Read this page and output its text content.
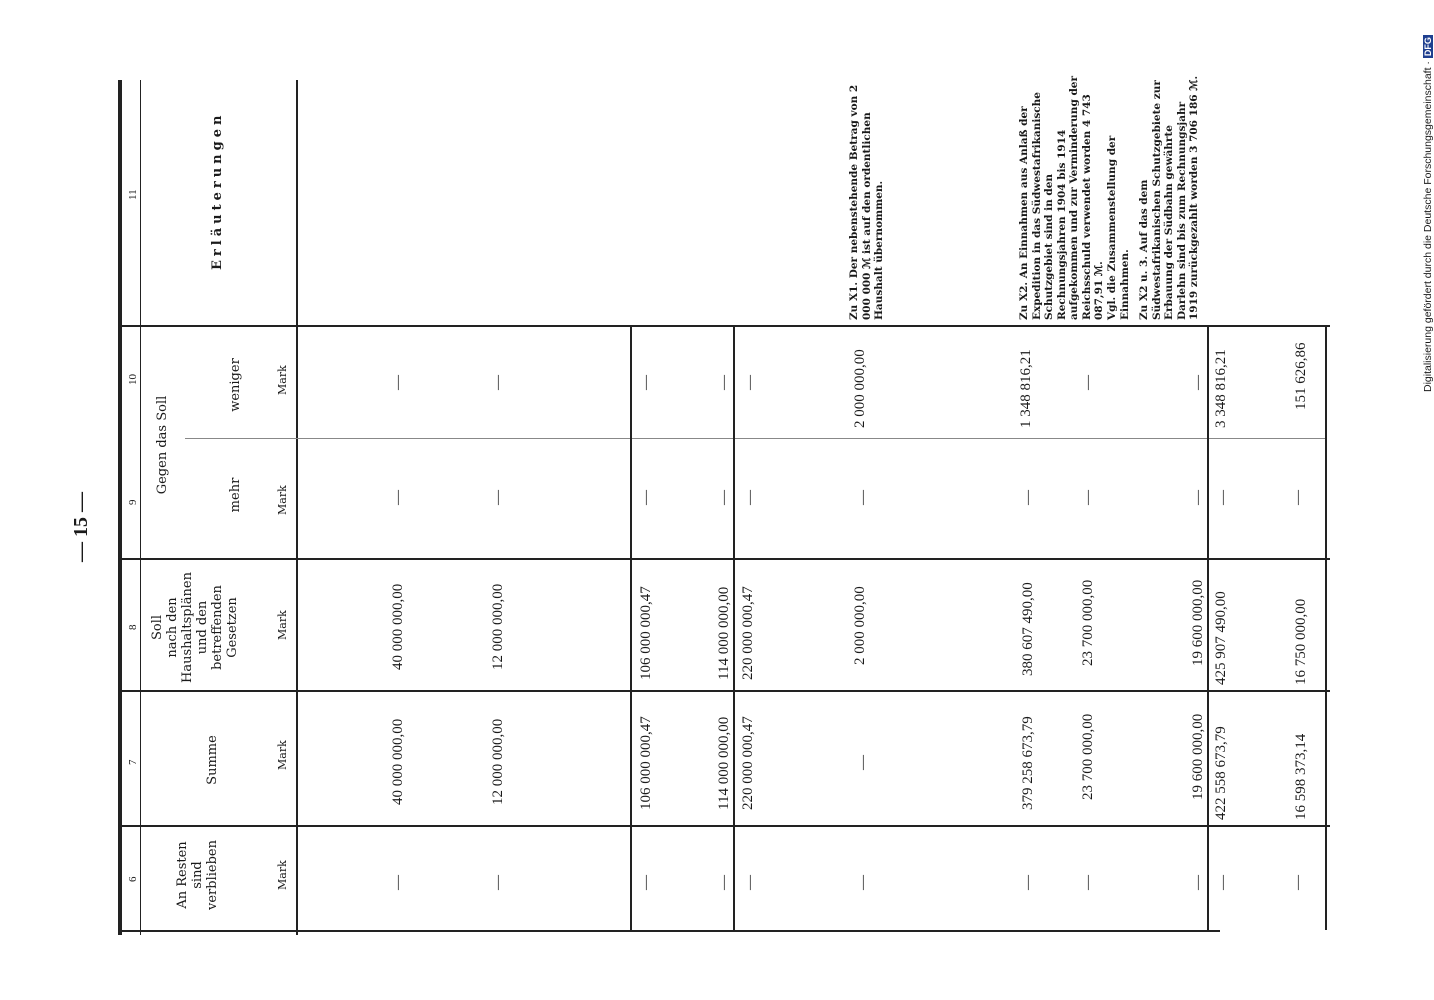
— 15 —
Digitalisierung gefördert durch die Deutsche Forschungsgemeinschaft · DFG
6
7
8
9
10
11
An Resten sind verblieben
Summe
Soll nach den Haushaltsplänen und den betreffenden Gesetzen
Gegen das Soll
mehr
weniger
Erläuterungen
Mark
Mark
Mark
Mark
Mark
—
40 000 000,00
40 000 000,00
—
—
—
12 000 000,00
12 000 000,00
—
—
—
106 000 000,47
106 000 000,47
—
—
—
114 000 000,00
114 000 000,00
—
—
—
220 000 000,47
220 000 000,47
—
—
—
—
2 000 000,00
—
2 000 000,00
—
379 258 673,79
380 607 490,00
—
1 348 816,21
—
23 700 000,00
23 700 000,00
—
—
—
19 600 000,00
19 600 000,00
—
—
—
422 558 673,79
425 907 490,00
—
3 348 816,21
—
16 598 373,14
16 750 000,00
—
151 626,86
Zu X1. Der nebenstehende Betrag von 2 000 000 ℳ ist auf den ordentlichen Haushalt übernommen.	Zu X2. An Einnahmen aus Anlaß der Expedition in das Südwestafrikanische Schutzgebiet sind in den Rechnungsjahren 1904 bis 1914 aufgekommen und zur Verminderung der Reichsschuld verwendet worden 4 743 087,91 ℳ. Vgl. die Zusammenstellung der Einnahmen. Zu X2 u. 3. Auf das dem Südwestafrikanischen Schutzgebiete zur Erbauung der Südbahn gewährte Darlehn sind bis zum Rechnungsjahr 1919 zurückgezahlt worden 3 706 186 ℳ.
